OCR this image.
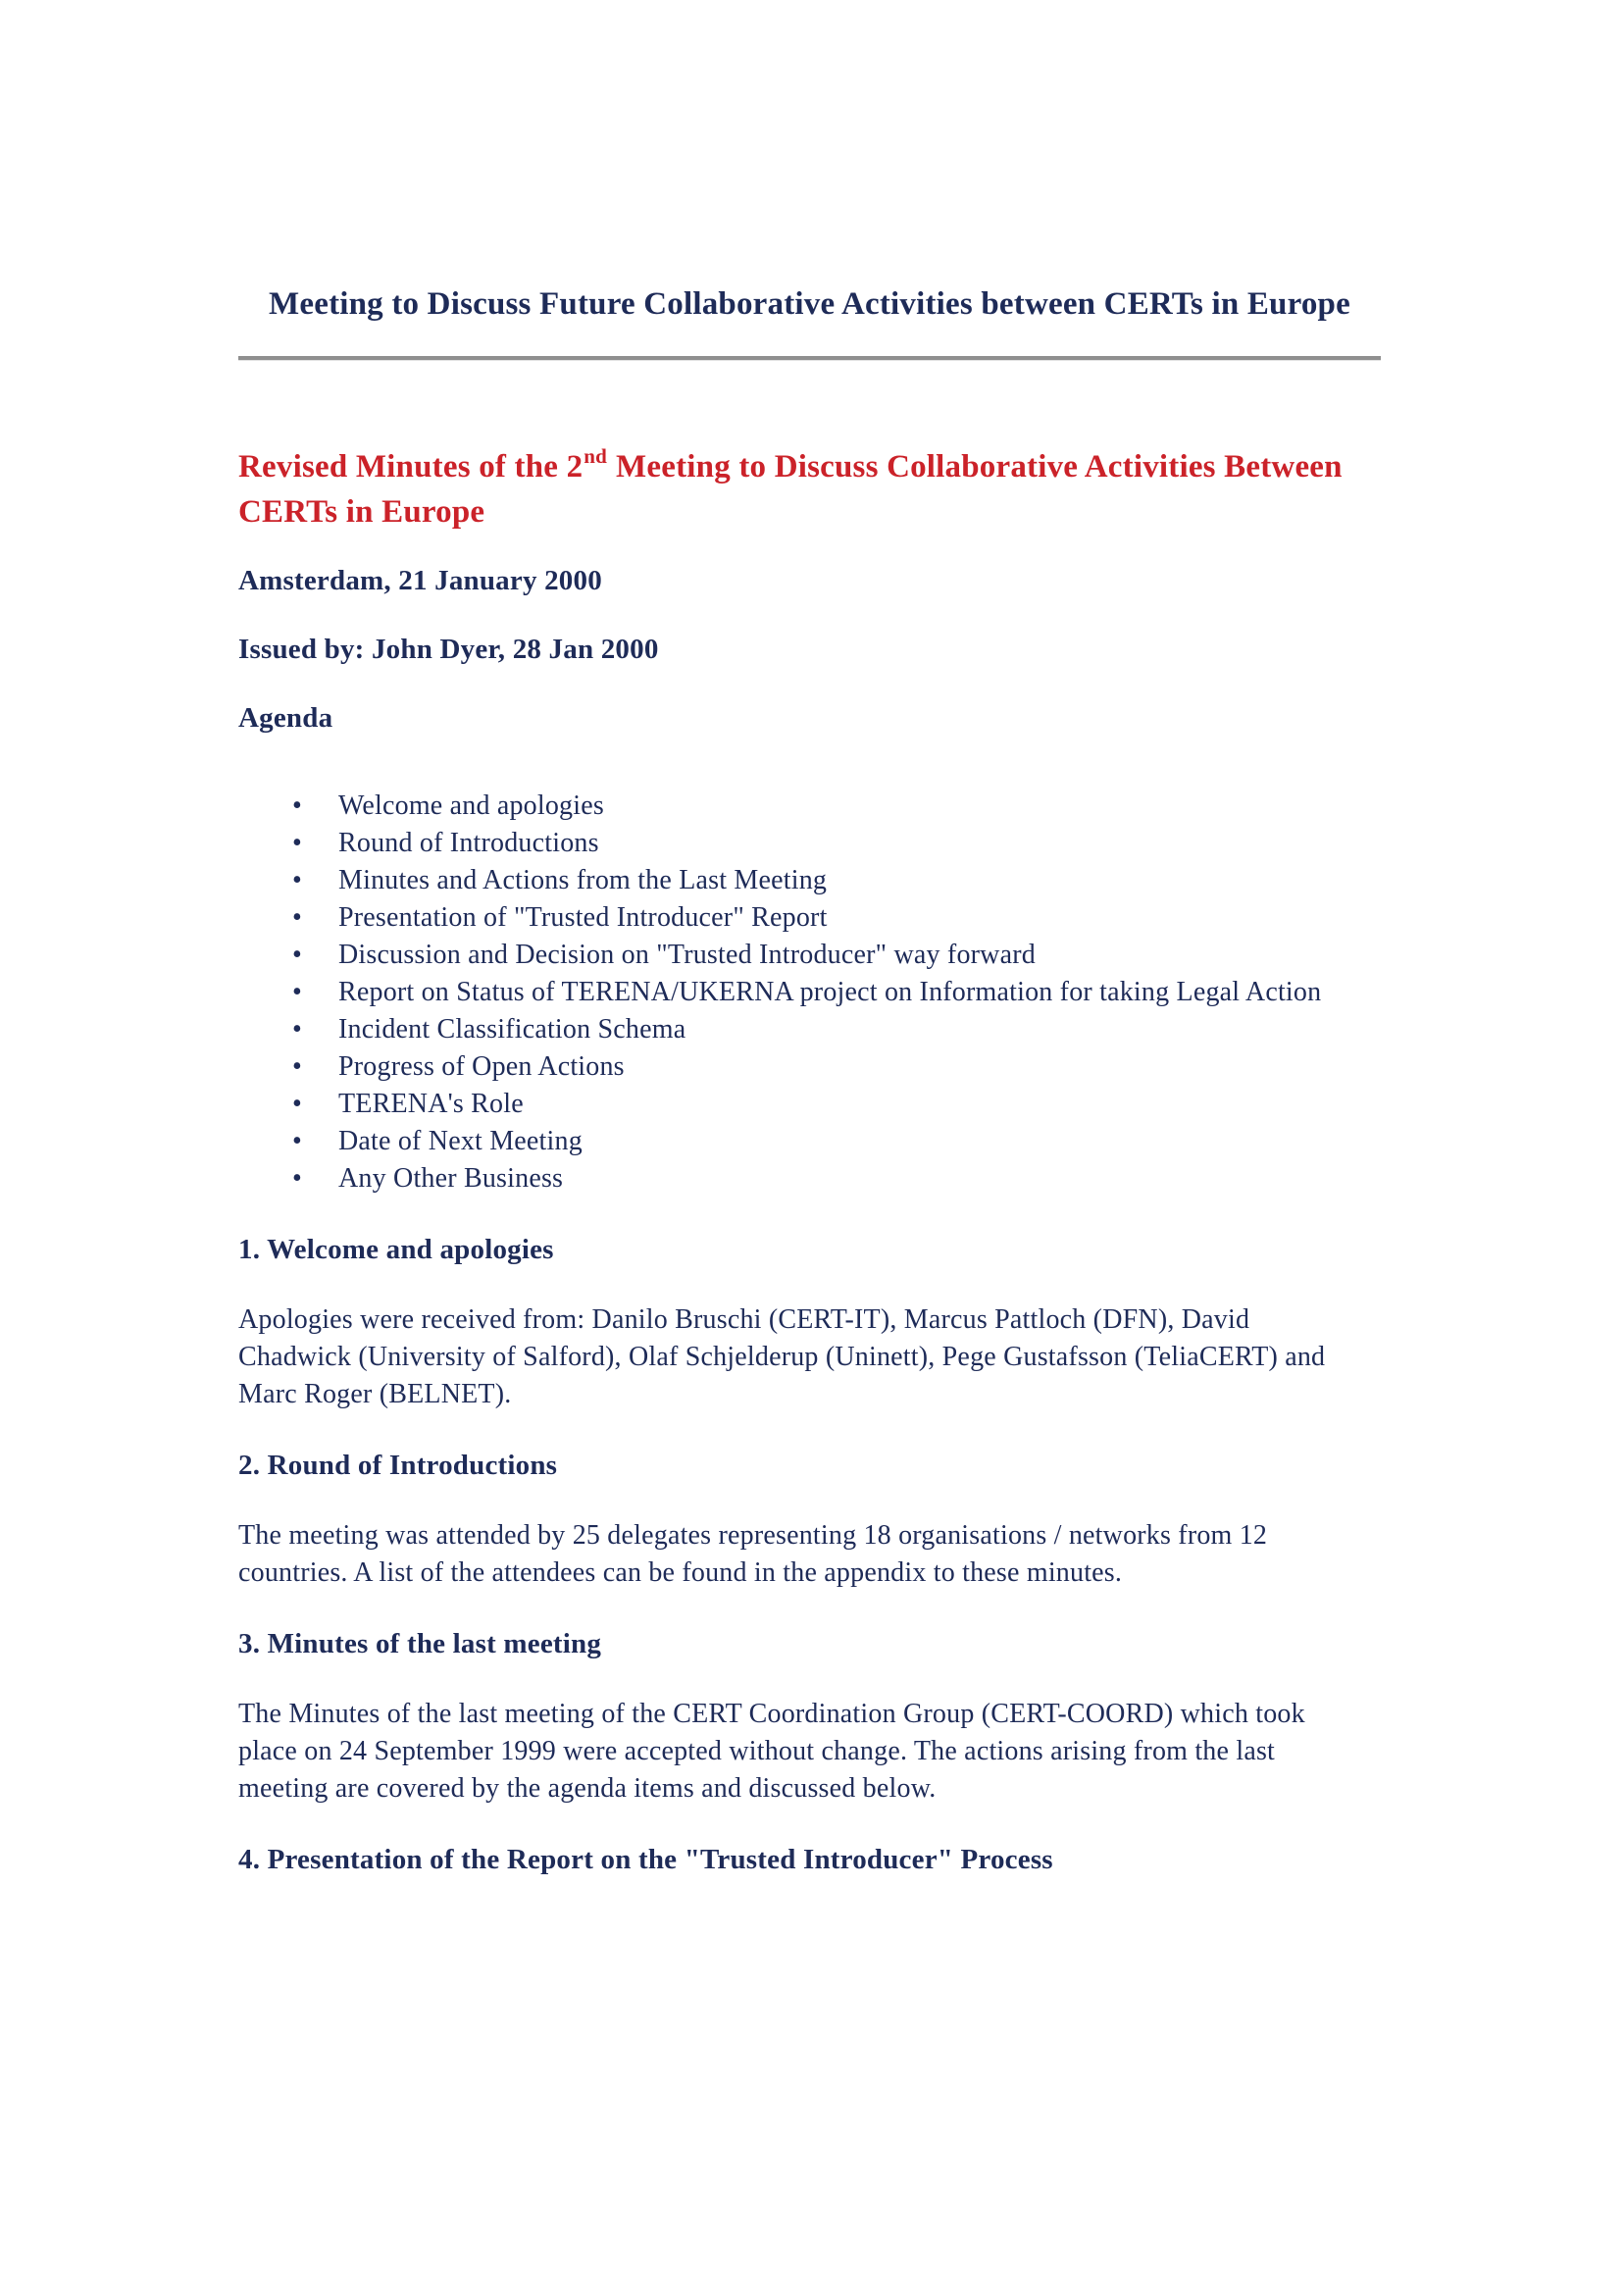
Meeting to Discuss Future Collaborative Activities between CERTs in Europe
Revised Minutes of the 2nd Meeting to Discuss Collaborative Activities Between CERTs in Europe

Amsterdam, 21 January 2000

Issued by: John Dyer, 28 Jan 2000

Agenda

• Welcome and apologies
• Round of Introductions
• Minutes and Actions from the Last Meeting
• Presentation of "Trusted Introducer" Report
• Discussion and Decision on "Trusted Introducer" way forward
• Report on Status of TERENA/UKERNA project on Information for taking Legal Action
• Incident Classification Schema
• Progress of Open Actions
• TERENA's Role
• Date of Next Meeting
• Any Other Business
1. Welcome and apologies

Apologies were received from: Danilo Bruschi (CERT-IT), Marcus Pattloch (DFN), David Chadwick (University of Salford), Olaf Schjelderup (Uninett), Pege Gustafsson (TeliaCERT) and Marc Roger (BELNET).

2. Round of Introductions

The meeting was attended by 25 delegates representing 18 organisations / networks from 12 countries. A list of the attendees can be found in the appendix to these minutes.

3. Minutes of the last meeting

The Minutes of the last meeting of the CERT Coordination Group (CERT-COORD) which took place on 24 September 1999 were accepted without change. The actions arising from the last meeting are covered by the agenda items and discussed below.

4. Presentation of the Report on the "Trusted Introducer" Process
